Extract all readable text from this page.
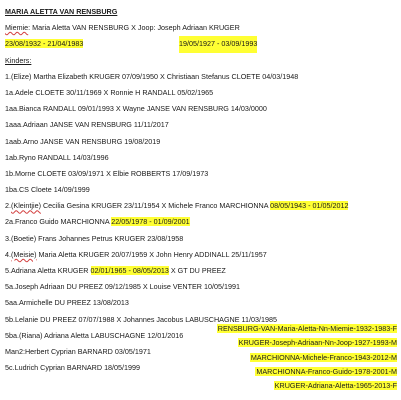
MARIA ALETTA VAN RENSBURG
Miemie: Maria Aletta VAN RENSBURG X Joop: Joseph Adriaan KRUGER
23/08/1932 - 21/04/1983	19/05/1927 - 03/09/1993
Kinders:
1.(Elize) Martha Elizabeth KRUGER 07/09/1950 X Christiaan Stefanus CLOETE 04/03/1948
1a.Adele CLOETE 30/11/1969 X Ronnie H RANDALL 05/02/1965
1aa.Bianca RANDALL 09/01/1993 X Wayne JANSE VAN RENSBURG 14/03/0000
1aaa.Adriaan JANSE VAN RENSBURG 11/11/2017
1aab.Arno JANSE VAN RENSBURG 19/08/2019
1ab.Ryno RANDALL 14/03/1996
1b.Morne CLOETE 03/09/1971 X Elbie ROBBERTS 17/09/1973
1ba.CS Cloete 14/09/1999
2.(Kleintjie) Cecilia Gesina KRUGER 23/11/1954 X Michele Franco MARCHIONNA 08/05/1943 - 01/05/2012
2a.Franco Guido MARCHIONNA 22/05/1978 - 01/09/2001
3.(Boetie) Frans Johannes Petrus KRUGER 23/08/1958
4.(Meisie) Maria Aletta KRUGER 20/07/1959 X John Henry ADDINALL 25/11/1957
5.Adriana Aletta KRUGER 02/01/1965 - 08/05/2013 X GT DU PREEZ
5a.Joseph Adriaan DU PREEZ 09/12/1985 X Louise VENTER 10/05/1991
5aa.Armichelle DU PREEZ 13/08/2013
5b.Lelanie DU PREEZ 07/07/1988 X Johannes Jacobus LABUSCHAGNE 11/03/1985
5ba.(Riana) Adriana Aletta LABUSCHAGNE 12/01/2016
Man2:Herbert Cyprian BARNARD 03/05/1971
5c.Ludrich Cyprian BARNARD 18/05/1999
RENSBURG-VAN-Maria-Aletta-Nn-Miemie-1932-1983-F
KRUGER-Joseph-Adriaan-Nn-Joop-1927-1993-M
MARCHIONNA-Michele-Franco-1943-2012-M
MARCHIONNA-Franco-Guido-1978-2001-M
KRUGER-Adriana-Aletta-1965-2013-F
